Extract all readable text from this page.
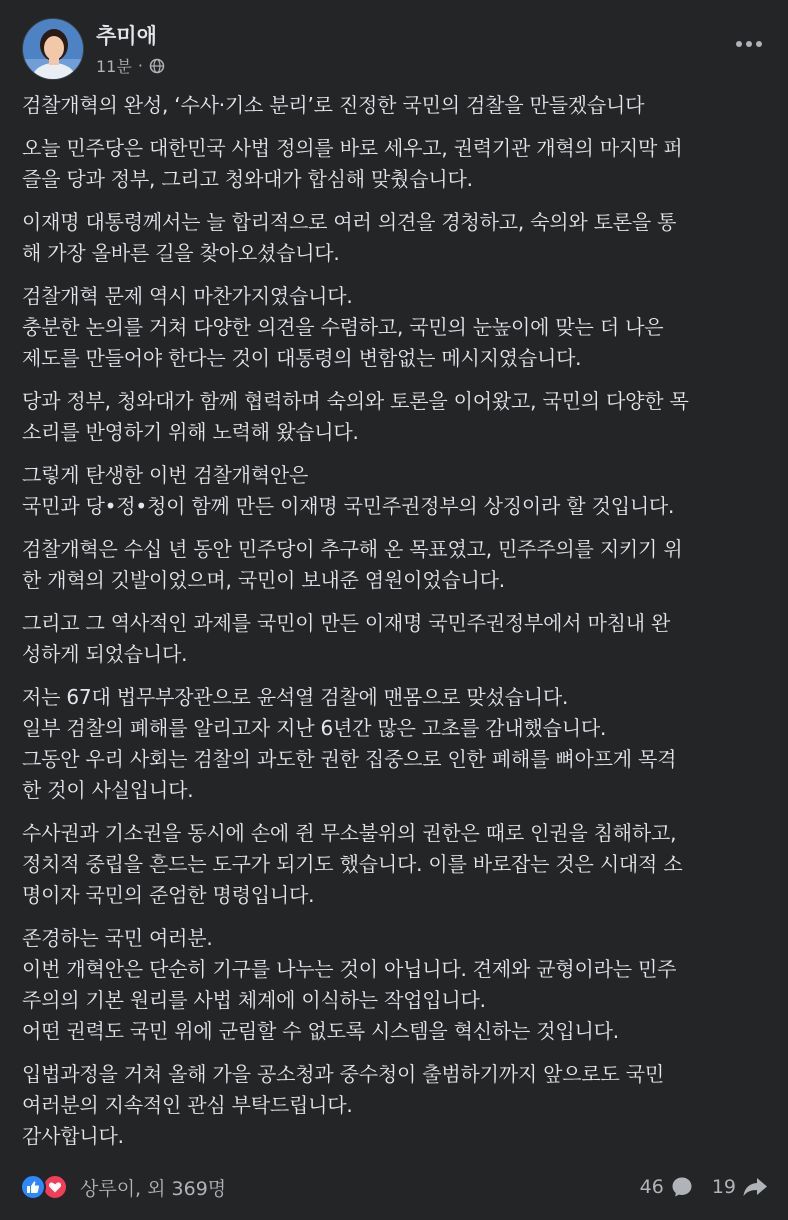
추미애
11분 ·

검찰개혁의 완성, ‘수사·기소 분리’로 진정한 국민의 검찰을 만들겠습니다

오늘 민주당은 대한민국 사법 정의를 바로 세우고, 권력기관 개혁의 마지막 퍼
즐을 당과 정부, 그리고 청와대가 합심해 맞췄습니다.

이재명 대통령께서는 늘 합리적으로 여러 의견을 경청하고, 숙의와 토론을 통
해 가장 올바른 길을 찾아오셨습니다.

검찰개혁 문제 역시 마찬가지였습니다.
충분한 논의를 거쳐 다양한 의견을 수렴하고, 국민의 눈높이에 맞는 더 나은
제도를 만들어야 한다는 것이 대통령의 변함없는 메시지였습니다.

당과 정부, 청와대가 함께 협력하며 숙의와 토론을 이어왔고, 국민의 다양한 목
소리를 반영하기 위해 노력해 왔습니다.

그렇게 탄생한 이번 검찰개혁안은
국민과 당•정•청이 함께 만든 이재명 국민주권정부의 상징이라 할 것입니다.

검찰개혁은 수십 년 동안 민주당이 추구해 온 목표였고, 민주주의를 지키기 위
한 개혁의 깃발이었으며, 국민이 보내준 염원이었습니다.

그리고 그 역사적인 과제를 국민이 만든 이재명 국민주권정부에서 마침내 완
성하게 되었습니다.

저는 67대 법무부장관으로 윤석열 검찰에 맨몸으로 맞섰습니다.
일부 검찰의 폐해를 알리고자 지난 6년간 많은 고초를 감내했습니다.
그동안 우리 사회는 검찰의 과도한 권한 집중으로 인한 폐해를 뼈아프게 목격
한 것이 사실입니다.

수사권과 기소권을 동시에 손에 쥔 무소불위의 권한은 때로 인권을 침해하고,
정치적 중립을 흔드는 도구가 되기도 했습니다. 이를 바로잡는 것은 시대적 소
명이자 국민의 준엄한 명령입니다.

존경하는 국민 여러분.
이번 개혁안은 단순히 기구를 나누는 것이 아닙니다. 견제와 균형이라는 민주
주의의 기본 원리를 사법 체계에 이식하는 작업입니다.
어떤 권력도 국민 위에 군림할 수 없도록 시스템을 혁신하는 것입니다.

입법과정을 거쳐 올해 가을 공소청과 중수청이 출범하기까지 앞으로도 국민
여러분의 지속적인 관심 부탁드립니다.
감사합니다.

상루이, 외 369명	46	19
